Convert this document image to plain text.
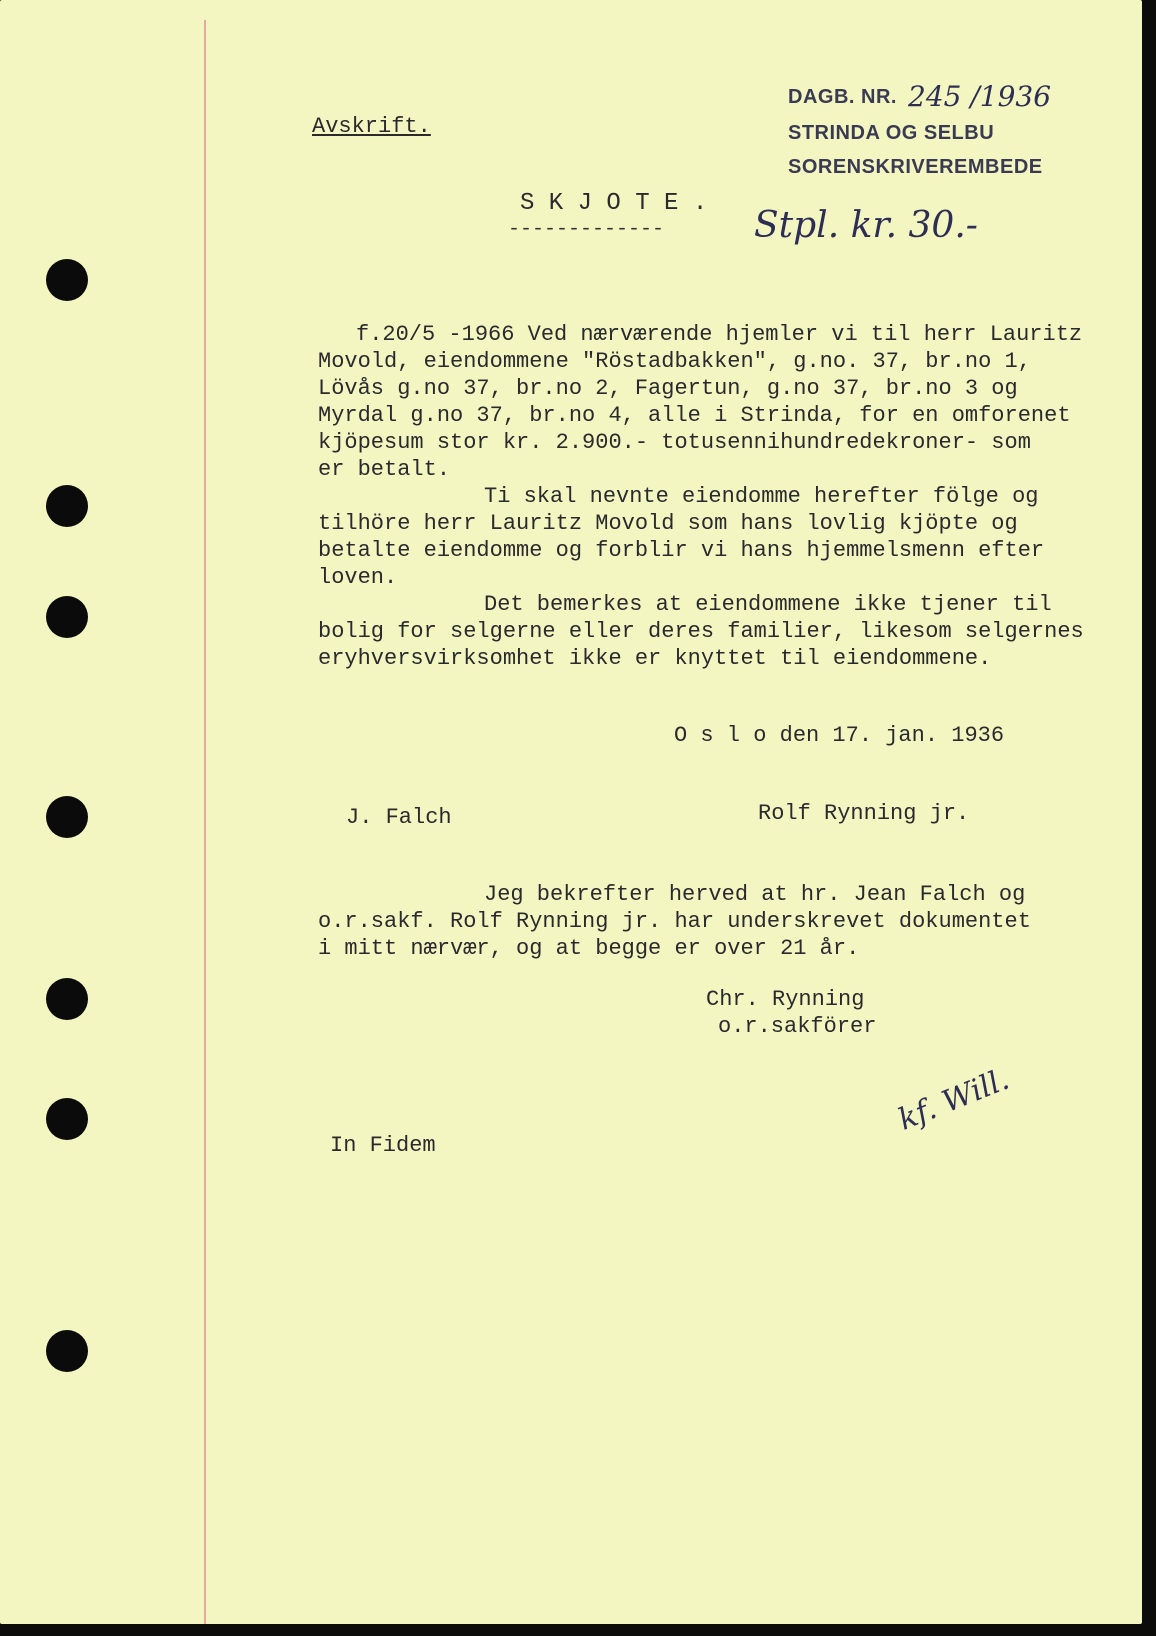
Avskrift.
DAGB. NR. 245 /1936
STRINDA OG SELBU
SORENSKRIVEREMBEDE
S K J O T E .
------------- Stpl. kr. 30.-
f.20/5 -1966 Ved nærværende hjemler vi til herr Lauritz
Movold, eiendommene "Röstadbakken", g.no. 37, br.no 1,
Lövås g.no 37, br.no 2, Fagertun, g.no 37, br.no 3 og
Myrdal g.no 37, br.no 4, alle i Strinda, for en omforenet
kjöpesum stor kr. 2.900.- totusennihundredekroner- som
er betalt.
Ti skal nevnte eiendomme herefter fölge og
tilhöre herr Lauritz Movold som hans lovlig kjöpte og
betalte eiendomme og forblir vi hans hjemmelsmenn efter
loven.
Det bemerkes at eiendommene ikke tjener til
bolig for selgerne eller deres familier, likesom selgernes
eryhversvirksomhet ikke er knyttet til eiendommene.
O s l o den 17. jan. 1936
J. Falch	Rolf Rynning jr.
Jeg bekrefter herved at hr. Jean Falch og
o.r.sakf. Rolf Rynning jr. har underskrevet dokumentet
i mitt nærvær, og at begge er over 21 år.
Chr. Rynning
o.r.sakförer
In Fidem
kf. Will.
